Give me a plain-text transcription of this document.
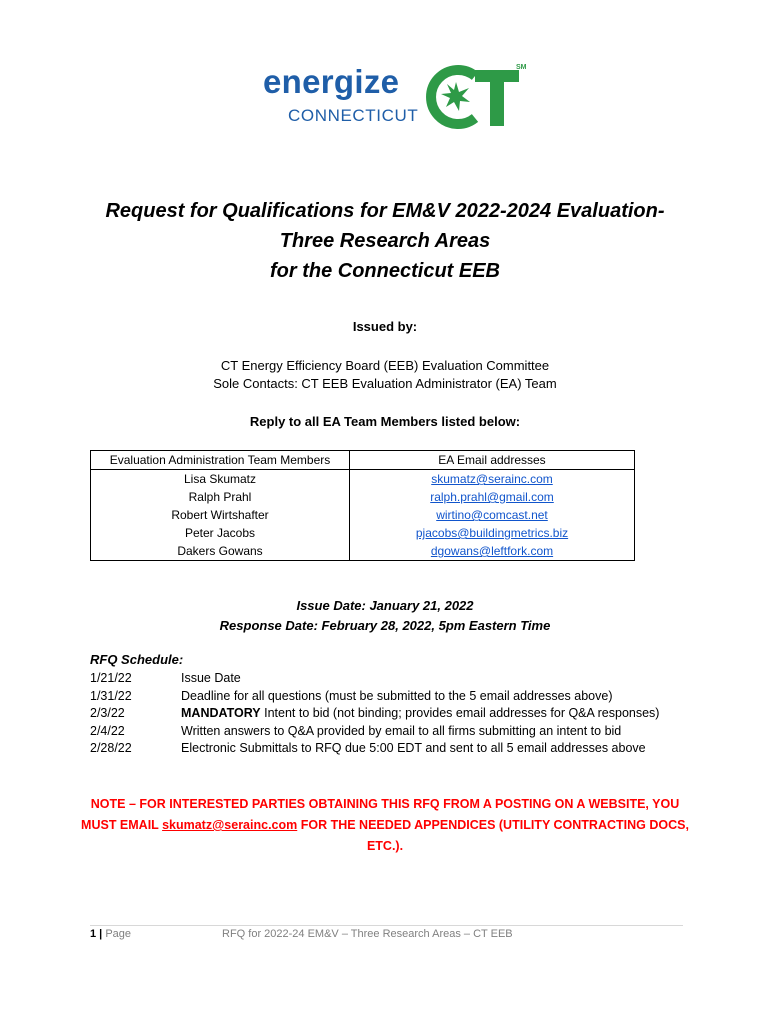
energize
CONNECTICUT
SM
Request for Qualifications for EM&V 2022-2024 Evaluation-
Three Research Areas
for the Connecticut EEB
Issued by:
CT Energy Efficiency Board (EEB) Evaluation Committee
Sole Contacts: CT EEB Evaluation Administrator (EA) Team
Reply to all EA Team Members listed below:
Evaluation Administration Team Members	EA Email addresses
Lisa Skumatz	skumatz@serainc.com
Ralph Prahl	ralph.prahl@gmail.com
Robert Wirtshafter	wirtino@comcast.net
Peter Jacobs	pjacobs@buildingmetrics.biz
Dakers Gowans	dgowans@leftfork.com
Issue Date: January 21, 2022
Response Date: February 28, 2022, 5pm Eastern Time
RFQ Schedule:
1/21/22	Issue Date
1/31/22	Deadline for all questions (must be submitted to the 5 email addresses above)
2/3/22	MANDATORY Intent to bid (not binding; provides email addresses for Q&A responses)
2/4/22	Written answers to Q&A provided by email to all firms submitting an intent to bid
2/28/22	Electronic Submittals to RFQ due 5:00 EDT and sent to all 5 email addresses above
NOTE – FOR INTERESTED PARTIES OBTAINING THIS RFQ FROM A POSTING ON A WEBSITE, YOU MUST EMAIL skumatz@serainc.com FOR THE NEEDED APPENDICES (UTILITY CONTRACTING DOCS, ETC.).
1 | Page	RFQ for 2022-24 EM&V – Three Research Areas – CT EEB
